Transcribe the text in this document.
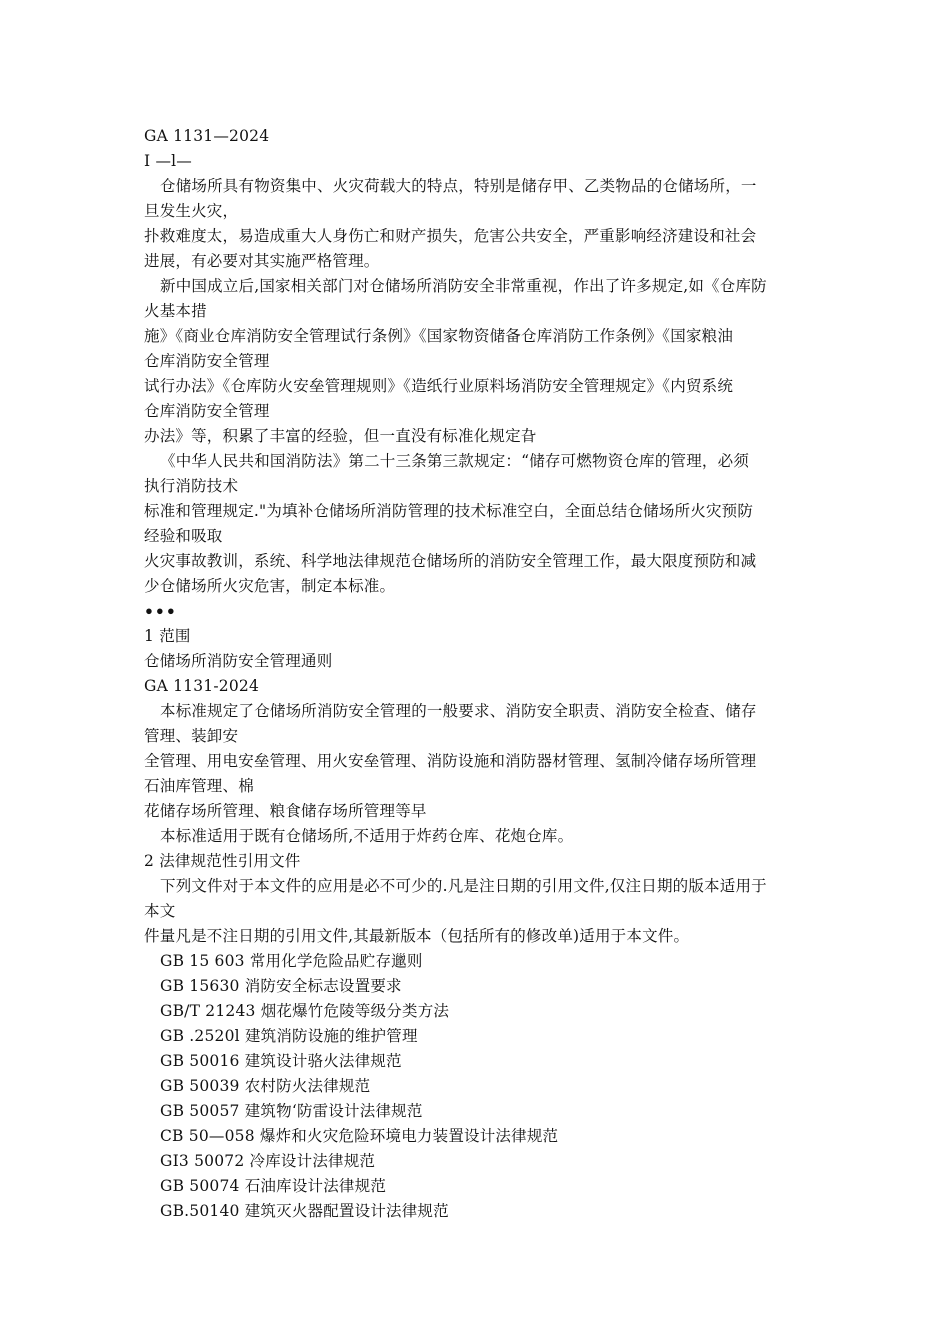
GA 1131—2024
I —l—
仓储场所具有物资集中、火灾荷载大的特点，特别是储存甲、乙类物品的仓储场所，一
旦发生火灾，
扑救难度太，易造成重大人身伤亡和财产损失，危害公共安全，严重影响经济建设和社会
进展，有必要对其实施严格管理。
新中国成立后,国家相关部门对仓储场所消防安全非常重视，作出了许多规定,如《仓库防
火基本措
施》《商业仓库消防安全管理试行条例》《国家物资储备仓库消防工作条例》《国家粮油
仓库消防安全管理
试行办法》《仓库防火安垒管理规则》《造纸行业原料场消防安全管理规定》《内贸系统
仓库消防安全管理
办法》等，积累了丰富的经验，但一直没有标准化规定旮
《中华人民共和国消防法》第二十三条第三款规定：“储存可燃物资仓库的管理，必须
执行消防技术
标准和管理规定."为填补仓储场所消防管理的技术标准空白，全面总结仓储场所火灾预防
经验和吸取
火灾事故教训，系统、科学地法律规范仓储场所的消防安全管理工作，最大限度预防和减
少仓储场所火灾危害，制定本标准。
•••
1 范围
仓储场所消防安全管理通则
GA 1131-2024
本标准规定了仓储场所消防安全管理的一般要求、消防安全职责、消防安全检查、储存
管理、装卸安
全管理、用电安垒管理、用火安垒管理、消防设施和消防器材管理、氢制冷储存场所管理
石油库管理、棉
花储存场所管理、粮食储存场所管理等早
本标准适用于既有仓储场所,不适用于炸药仓库、花炮仓库。
2 法律规范性引用文件
下列文件对于本文件的应用是必不可少的.凡是注日期的引用文件,仅注日期的版本适用于
本文
件量凡是不注日期的引用文件,其最新版本（包括所有的修改单)适用于本文件。
GB 15 603 常用化学危险品贮存邋则
GB 15630 消防安全标志设置要求
GB/T 21243 烟花爆竹危陵等级分类方法
GB .2520l 建筑消防设施的维护管理
GB 50016 建筑设计骆火法律规范
GB 50039 农村防火法律规范
GB 50057 建筑物‘防雷设计法律规范
CB 50—058 爆炸和火灾危险环境电力装置设计法律规范
GI3 50072 冷库设计法律规范
GB 50074 石油库设计法律规范
GB.50140 建筑灭火器配置设计法律规范
